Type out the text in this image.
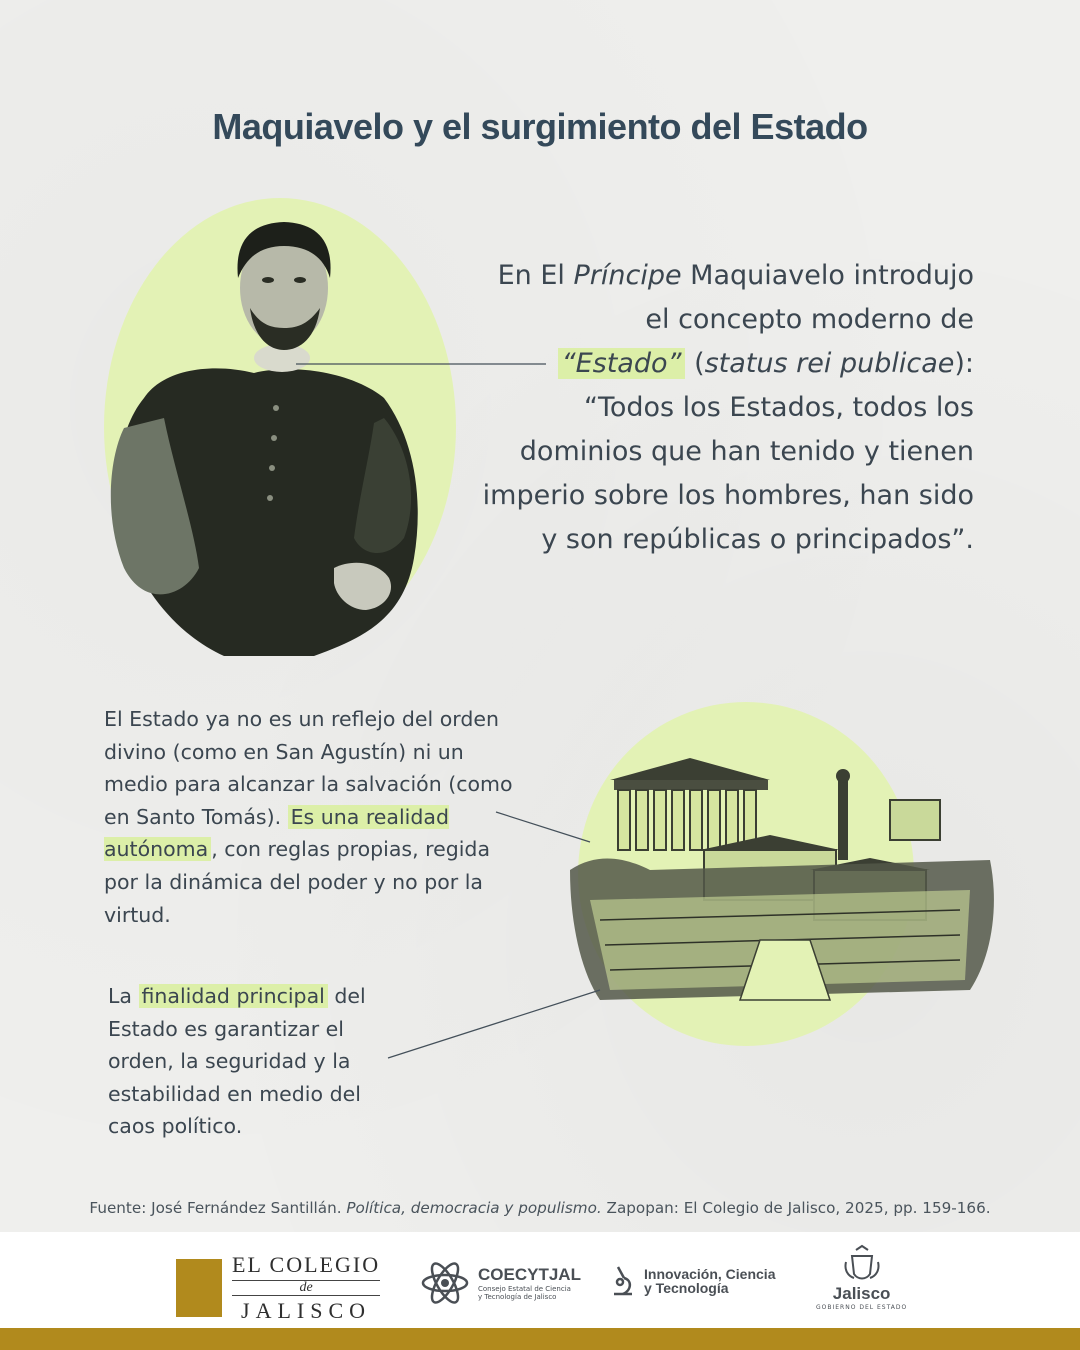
Maquiavelo y el surgimiento del Estado

En El Príncipe Maquiavelo introdujo
el concepto moderno de
“Estado” (status rei publicae):
“Todos los Estados, todos los
dominios que han tenido y tienen
imperio sobre los hombres, han sido
y son repúblicas o principados”.

El Estado ya no es un reflejo del orden divino (como en San Agustín) ni un medio para alcanzar la salvación (como en Santo Tomás). Es una realidad autónoma , con reglas propias, regida por la dinámica del poder y no por la virtud.

La finalidad principal del Estado es garantizar el orden, la seguridad y la estabilidad en medio del caos político.

Fuente: José Fernández Santillán. Política, democracia y populismo. Zapopan: El Colegio de Jalisco, 2025, pp. 159-166.

EL COLEGIO
de
JALISCO
COECYTJAL
Consejo Estatal de Ciencia
y Tecnología de Jalisco
Innovación, Ciencia
y Tecnología	Jalisco
GOBIERNO DEL ESTADO
